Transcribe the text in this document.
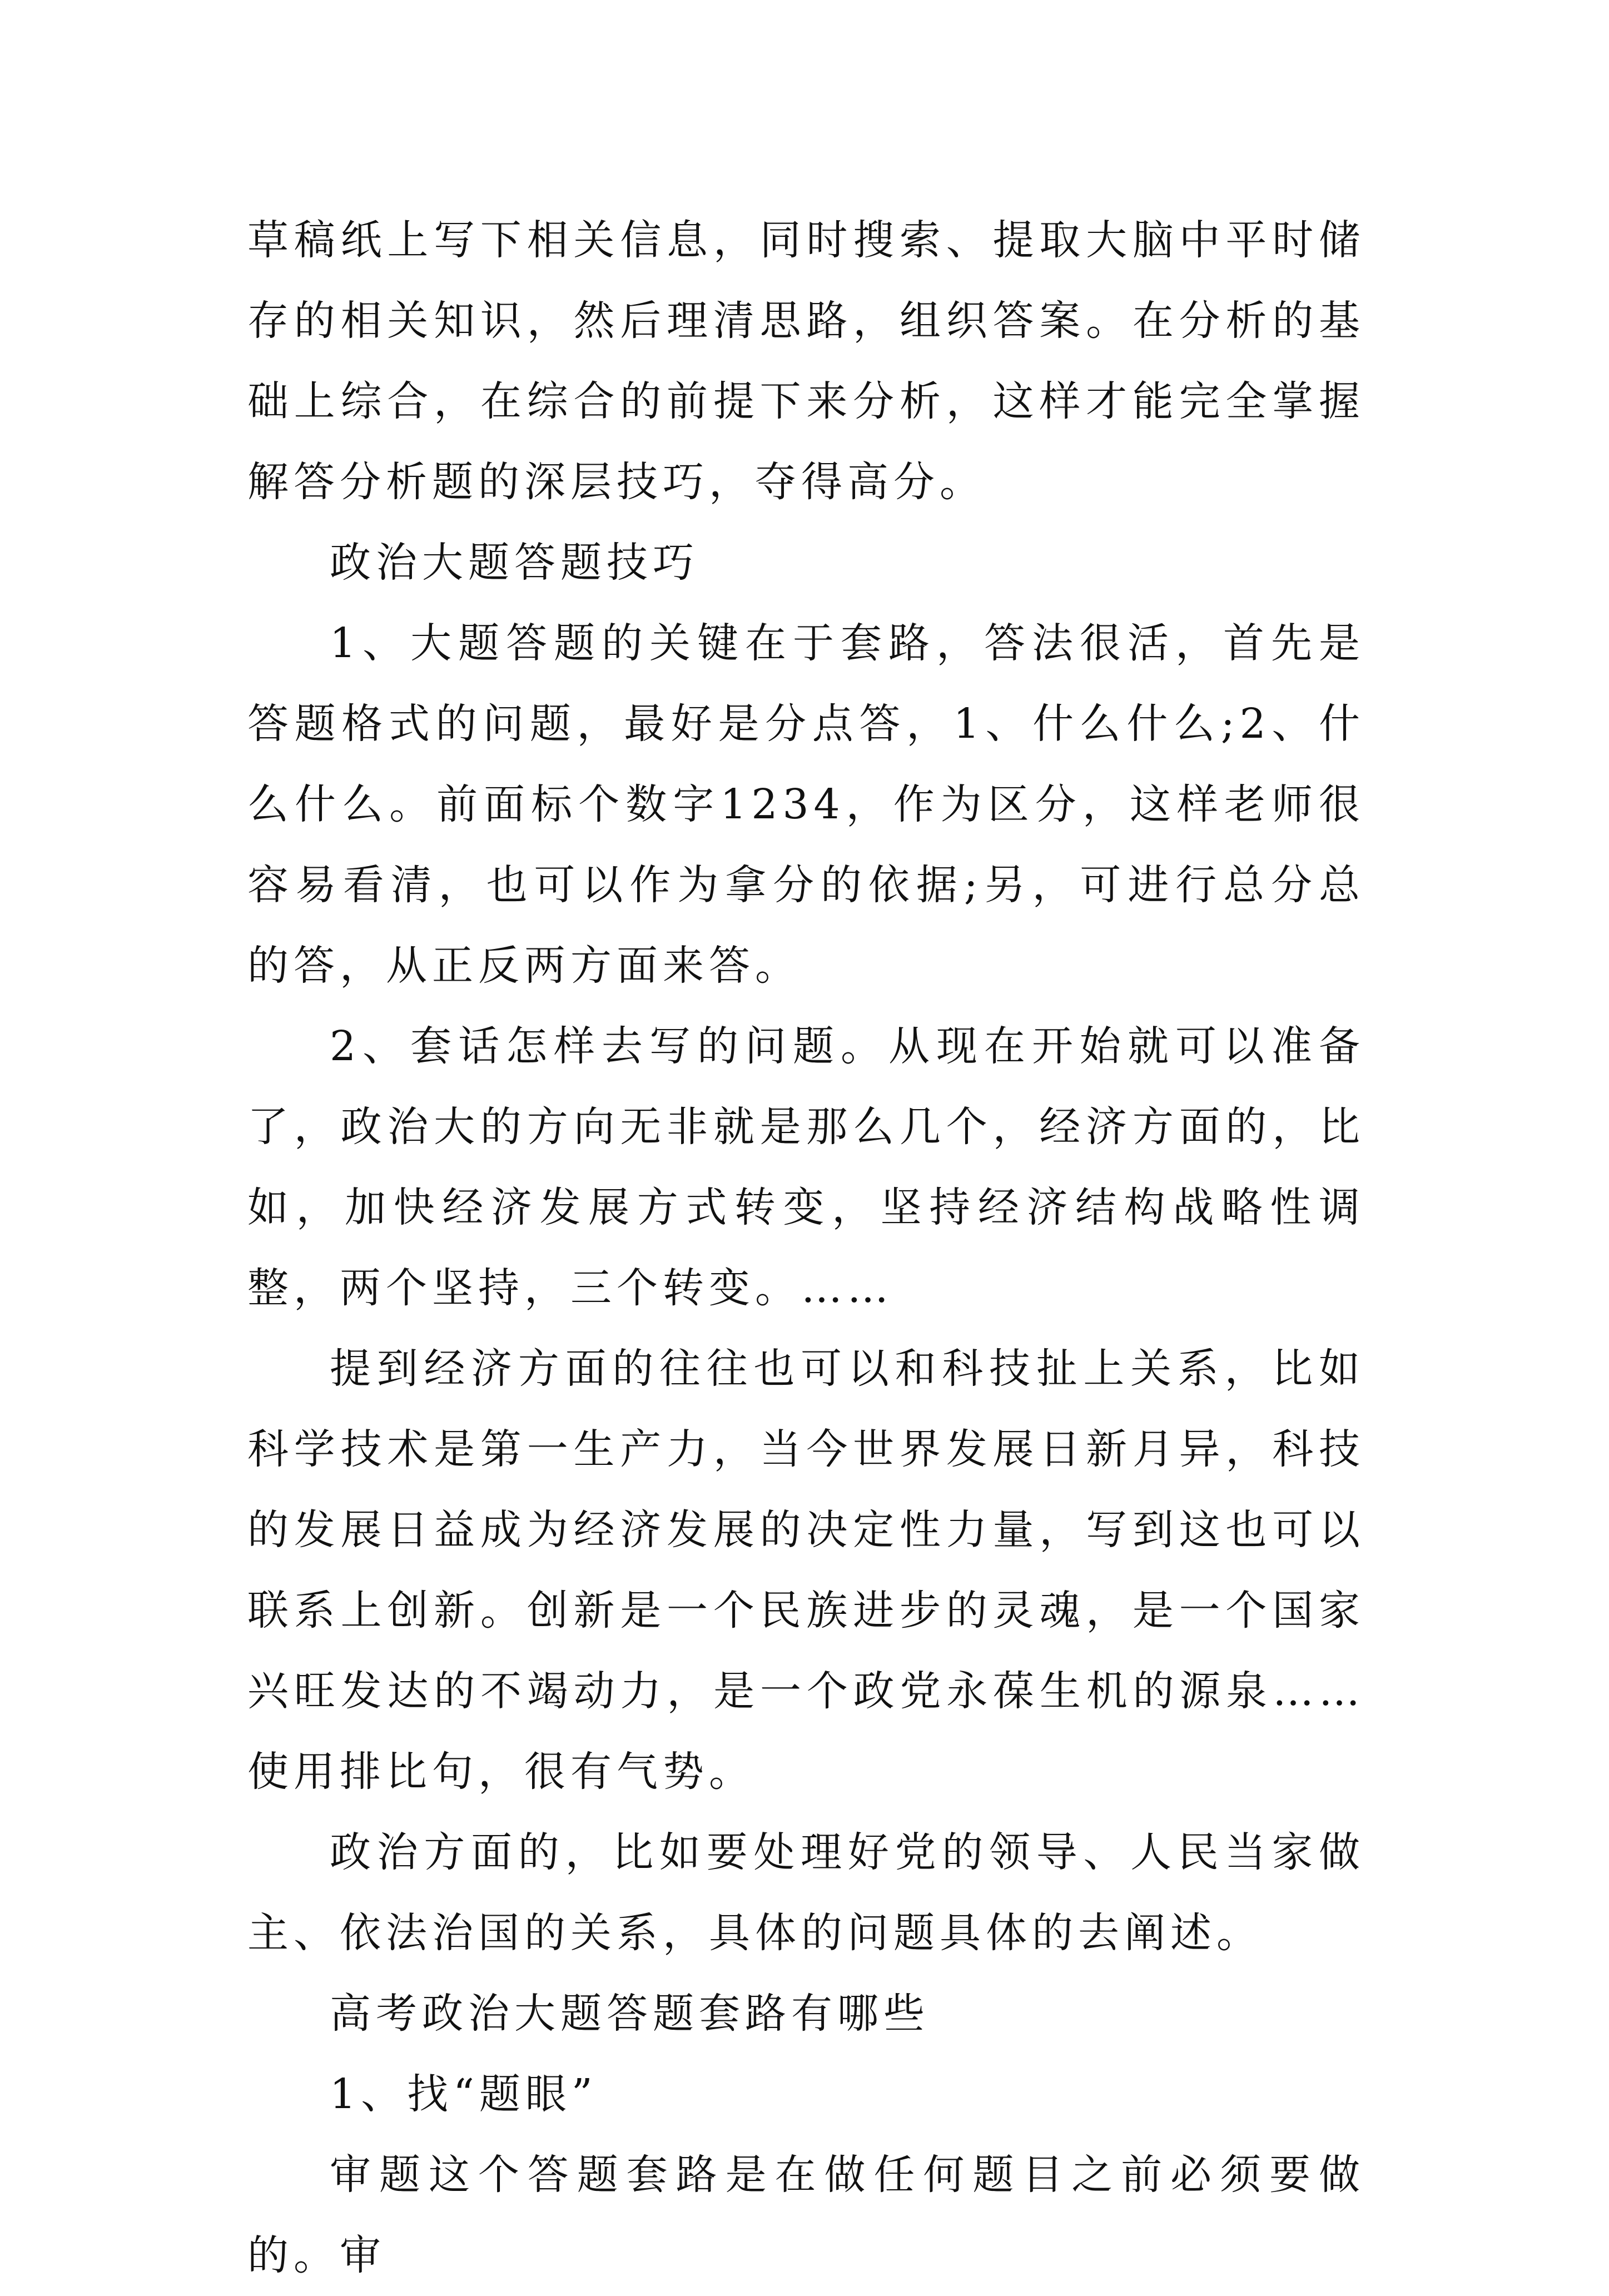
草稿纸上写下相关信息，同时搜索、提取大脑中平时储存的相关知识，然后理清思路，组织答案。在分析的基础上综合，在综合的前提下来分析，这样才能完全掌握解答分析题的深层技巧，夺得高分。

政治大题答题技巧

1、大题答题的关键在于套路，答法很活，首先是答题格式的问题，最好是分点答，1、什么什么;2、什么什么。前面标个数字1234，作为区分，这样老师很容易看清，也可以作为拿分的依据;另，可进行总分总的答，从正反两方面来答。

2、套话怎样去写的问题。从现在开始就可以准备了，政治大的方向无非就是那么几个，经济方面的，比如，加快经济发展方式转变，坚持经济结构战略性调整，两个坚持，三个转变。……

提到经济方面的往往也可以和科技扯上关系，比如科学技术是第一生产力，当今世界发展日新月异，科技的发展日益成为经济发展的决定性力量，写到这也可以联系上创新。创新是一个民族进步的灵魂，是一个国家兴旺发达的不竭动力，是一个政党永葆生机的源泉……使用排比句，很有气势。

政治方面的，比如要处理好党的领导、人民当家做主、依法治国的关系，具体的问题具体的去阐述。

高考政治大题答题套路有哪些

1、找“题眼”

审题这个答题套路是在做任何题目之前必须要做的。审
